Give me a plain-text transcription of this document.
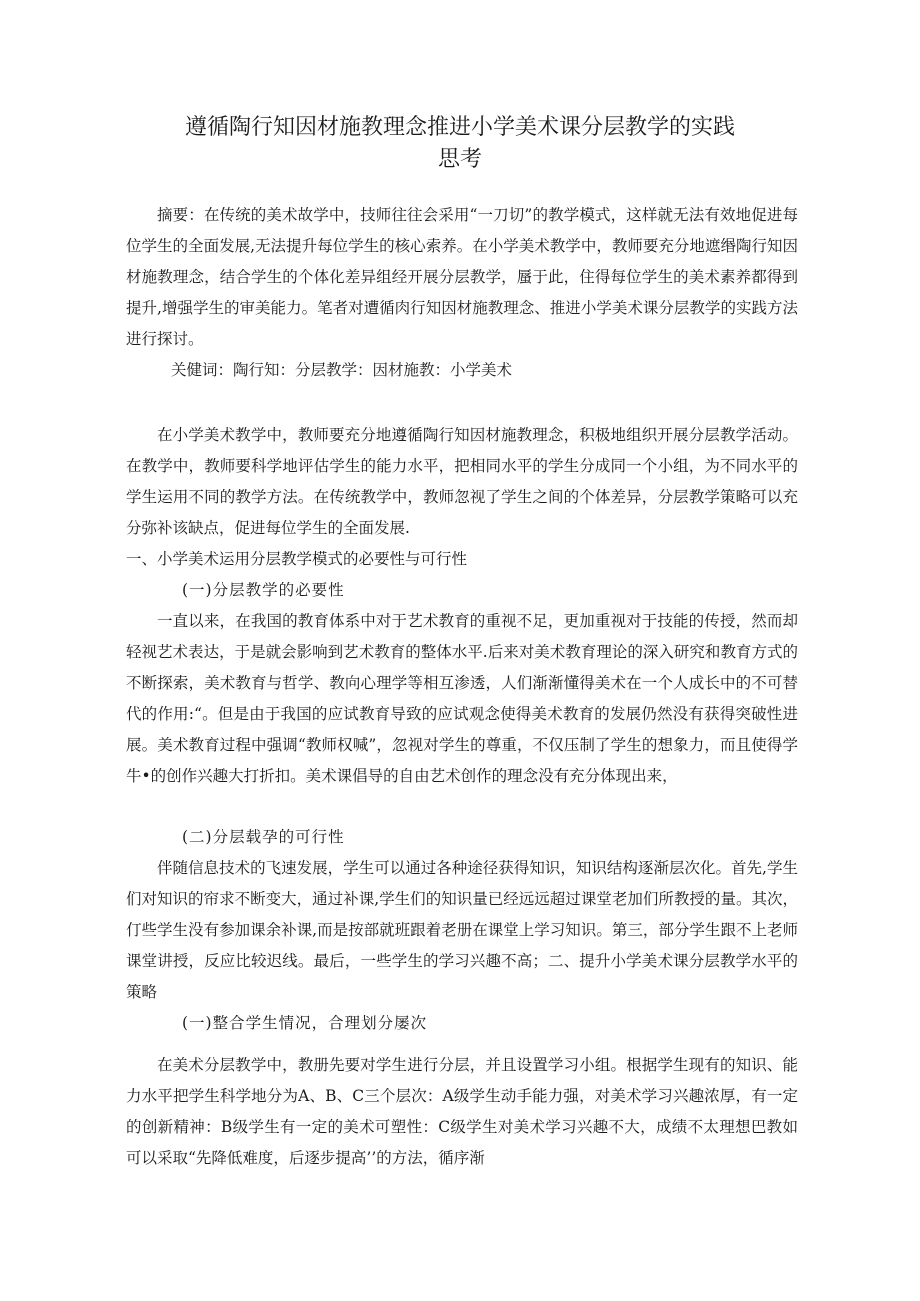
遵循陶行知因材施教理念推进小学美术课分层教学的实践
思考

摘要：在传统的美术故学中，技师往往会采用“一刀切”的教学模式，这样就无法有效地促进每位学生的全面发展,无法提升每位学生的核心索养。在小学美术教学中，教师要充分地遮缗陶行知因材施教理念，结合学生的个体化差异组经开展分层教学，蜃于此，住得每位学生的美术素养都得到提升,增强学生的审美能力。笔者对遭循肉行知因材施教理念、推进小学美术课分层教学的实践方法进行探讨。

关健词：陶行知：分层教学：因材施教：小学美术

在小学美术教学中，教师要充分地遵循陶行知因材施教理念，积极地组织开展分层教学活动。在教学中，教师要科学地评估学生的能力水平，把相同水平的学生分成同一个小组，为不同水平的学生运用不同的教学方法。在传统教学中，教师忽视了学生之间的个体差异，分层教学策略可以充分弥补该缺点，促进每位学生的全面发展.

一、小学美术运用分层教学模式的必要性与可行性

(一)分层教学的必要性

一直以来，在我国的教育体系中对于艺术教育的重视不足，更加重视对于技能的传授，然而却轻视艺术表达，于是就会影响到艺术教育的整体水平.后来对美术教育理论的深入研究和教育方式的不断探索，美术教育与哲学、教向心理学等相互渗透，人们渐渐懂得美术在一个人成长中的不可替代的作用:“。但是由于我国的应试教育导致的应试观念使得美术教育的发展仍然没有获得突破性进展。美术教育过程中强调“教师权喊”，忽视对学生的尊重，不仅压制了学生的想象力，而且使得学牛•的创作兴趣大打折扣。美术课倡导的自由艺术创作的理念没有充分体现出来，

(二)分层载孕的可行性

伴随信息技术的飞速发展，学生可以通过各种途径获得知识，知识结构逐渐层次化。首先,学生们对知识的帘求不断变大，通过补课,学生们的知识量已经远远超过课堂老加们所教授的量。其次，仃些学生没有参加课余补课,而是按部就班跟着老册在课堂上学习知识。第三，部分学生跟不上老师课堂讲授，反应比较迟线。最后，一些学生的学习兴趣不高；二、提升小学美术课分层教学水平的策略

(一)整合学生情况，合理划分屡次

在美术分层教学中，教册先要对学生进行分层，并且设置学习小组。根据学生现有的知识、能力水平把学生科学地分为A、B、C三个层次：A级学生动手能力强，对美术学习兴趣浓厚，有一定的创新精神：B级学生有一定的美术可塑性：C级学生对美术学习兴趣不大，成绩不太理想巴教如可以采取“先降低难度，后逐步提高’’的方法，循序渐
